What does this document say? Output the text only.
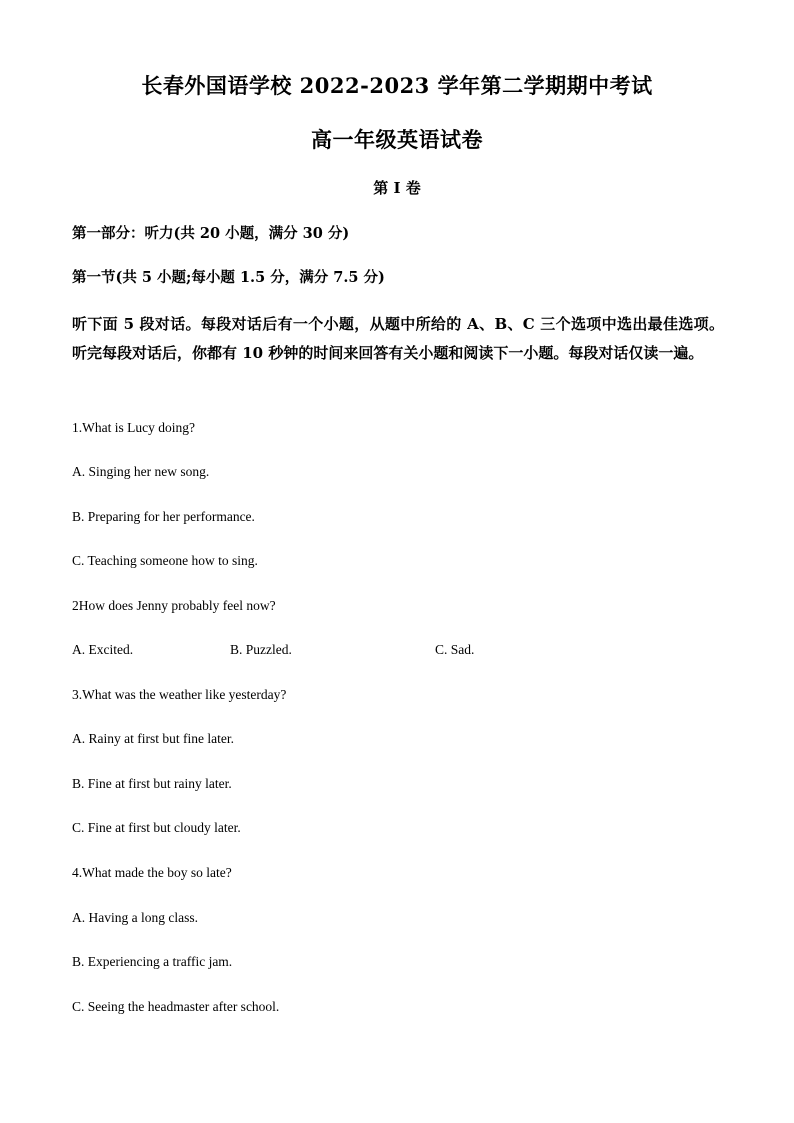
长春外国语学校 2022-2023 学年第二学期期中考试
高一年级英语试卷
第 I 卷
第一部分：听力(共 20 小题，满分 30 分)
第一节(共 5 小题;每小题 1.5 分，满分 7.5 分)
听下面 5 段对话。每段对话后有一个小题，从题中所给的 A、B、C 三个选项中选出最佳选项。听完每段对话后，你都有 10 秒钟的时间来回答有关小题和阅读下一小题。每段对话仅读一遍。
1.What is Lucy doing?
A. Singing her new song.
B. Preparing for her performance.
C. Teaching someone how to sing.
2How does Jenny probably feel now?
A. Excited.	B. Puzzled.	C. Sad.
3.What was the weather like yesterday?
A. Rainy at first but fine later.
B. Fine at first but rainy later.
C. Fine at first but cloudy later.
4.What made the boy so late?
A. Having a long class.
B. Experiencing a traffic jam.
C. Seeing the headmaster after school.
